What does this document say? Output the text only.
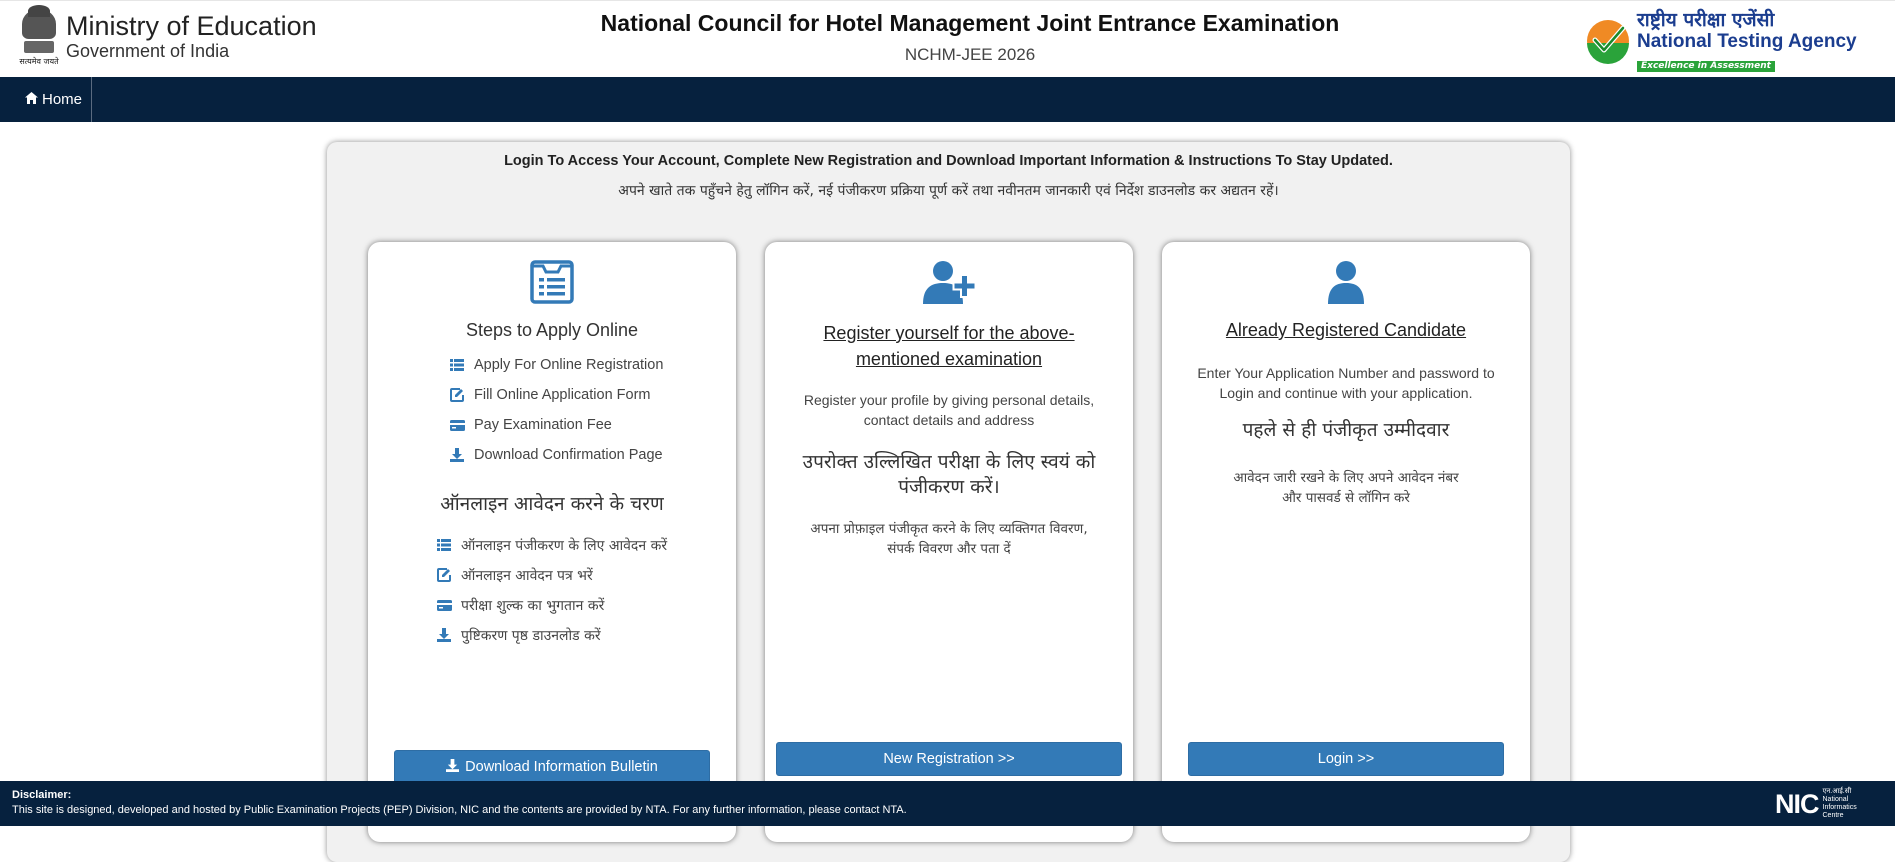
सत्यमेव जयते
Ministry of Education
Government of India
National Council for Hotel Management Joint Entrance Examination
NCHM-JEE 2026
राष्ट्रीय परीक्षा एजेंसी
National Testing Agency
Excellence in Assessment
Home
Login To Access Your Account, Complete New Registration and Download Important Information & Instructions To Stay Updated.
अपने खाते तक पहुँचने हेतु लॉगिन करें, नई पंजीकरण प्रक्रिया पूर्ण करें तथा नवीनतम जानकारी एवं निर्देश डाउनलोड कर अद्यतन रहें।
Steps to Apply Online
Apply For Online Registration
Fill Online Application Form
Pay Examination Fee
Download Confirmation Page
ऑनलाइन आवेदन करने के चरण
ऑनलाइन पंजीकरण के लिए आवेदन करें
ऑनलाइन आवेदन पत्र भरें
परीक्षा शुल्क का भुगतान करें
पुष्टिकरण पृष्ठ डाउनलोड करें
Download Information Bulletin
Register yourself for the above-mentioned examination
Register your profile by giving personal details, contact details and address
उपरोक्त उल्लिखित परीक्षा के लिए स्वयं को पंजीकरण करें।
अपना प्रोफ़ाइल पंजीकृत करने के लिए व्यक्तिगत विवरण, संपर्क विवरण और पता दें
New Registration >>
Already Registered Candidate
Enter Your Application Number and password to Login and continue with your application.
पहले से ही पंजीकृत उम्मीदवार
आवेदन जारी रखने के लिए अपने आवेदन नंबर और पासवर्ड से लॉगिन करे
Login >>
Disclaimer:
This site is designed, developed and hosted by Public Examination Projects (PEP) Division, NIC and the contents are provided by NTA. For any further information, please contact NTA.	NIC एन.आई.सी
National
Informatics
Centre
